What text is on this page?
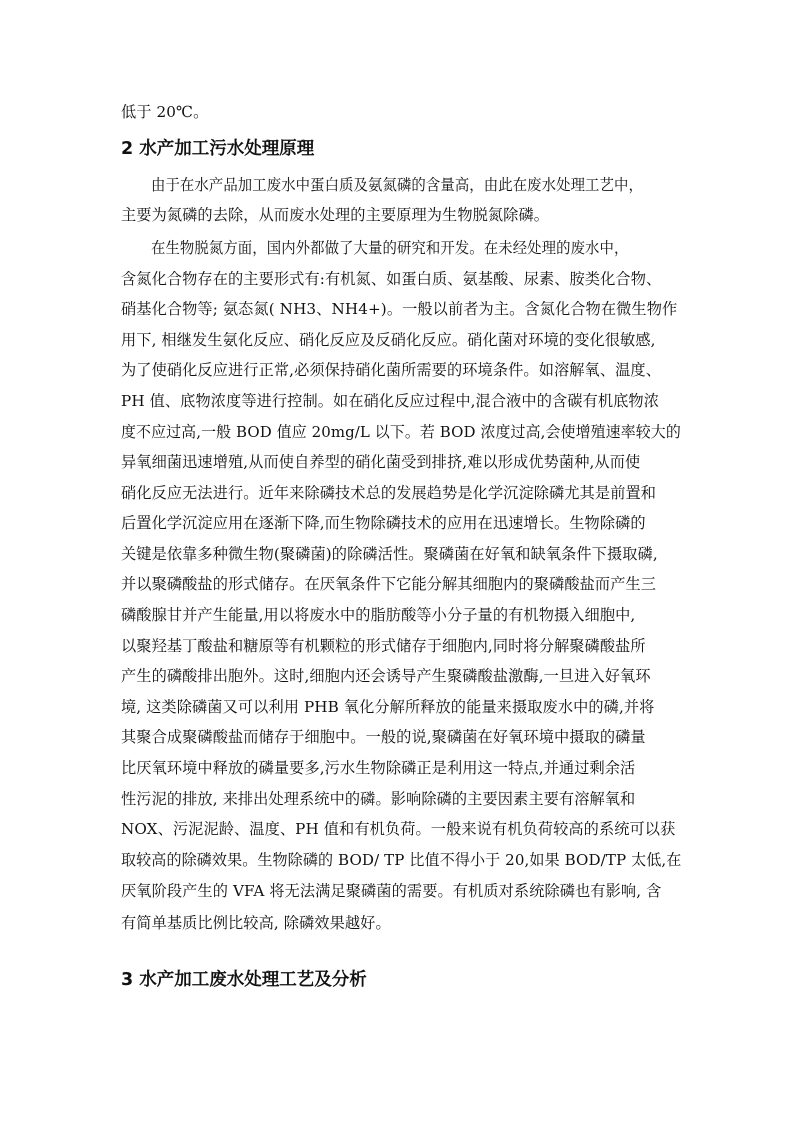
低于 20℃。
2 水产加工污水处理原理
由于在水产品加工废水中蛋白质及氨氮磷的含量高，由此在废水处理工艺中，
主要为氮磷的去除，从而废水处理的主要原理为生物脱氮除磷。
在生物脱氮方面，国内外都做了大量的研究和开发。在未经处理的废水中，
含氮化合物存在的主要形式有:有机氮、如蛋白质、氨基酸、尿素、胺类化合物、
硝基化合物等; 氨态氮( NH3、NH4+)。一般以前者为主。含氮化合物在微生物作
用下, 相继发生氨化反应、硝化反应及反硝化反应。硝化菌对环境的变化很敏感,
为了使硝化反应进行正常,必须保持硝化菌所需要的环境条件。如溶解氧、温度、
PH 值、底物浓度等进行控制。如在硝化反应过程中,混合液中的含碳有机底物浓
度不应过高,一般 BOD 值应 20mg/L 以下。若 BOD 浓度过高,会使增殖速率较大的
异氧细菌迅速增殖,从而使自养型的硝化菌受到排挤,难以形成优势菌种,从而使
硝化反应无法进行。近年来除磷技术总的发展趋势是化学沉淀除磷尤其是前置和
后置化学沉淀应用在逐渐下降,而生物除磷技术的应用在迅速增长。生物除磷的
关键是依靠多种微生物(聚磷菌)的除磷活性。聚磷菌在好氧和缺氧条件下摄取磷,
并以聚磷酸盐的形式储存。在厌氧条件下它能分解其细胞内的聚磷酸盐而产生三
磷酸腺甘并产生能量,用以将废水中的脂肪酸等小分子量的有机物摄入细胞中,
以聚羟基丁酸盐和糖原等有机颗粒的形式储存于细胞内,同时将分解聚磷酸盐所
产生的磷酸排出胞外。这时,细胞内还会诱导产生聚磷酸盐激酶,一旦进入好氧环
境, 这类除磷菌又可以利用 PHB 氧化分解所释放的能量来摄取废水中的磷,并将
其聚合成聚磷酸盐而储存于细胞中。一般的说,聚磷菌在好氧环境中摄取的磷量
比厌氧环境中释放的磷量要多,污水生物除磷正是利用这一特点,并通过剩余活
性污泥的排放, 来排出处理系统中的磷。影响除磷的主要因素主要有溶解氧和
NOX、污泥泥龄、温度、PH 值和有机负荷。一般来说有机负荷较高的系统可以获
取较高的除磷效果。生物除磷的 BOD/ TP 比值不得小于 20,如果 BOD/TP 太低,在
厌氧阶段产生的 VFA 将无法满足聚磷菌的需要。有机质对系统除磷也有影响, 含
有简单基质比例比较高, 除磷效果越好。
3 水产加工废水处理工艺及分析
